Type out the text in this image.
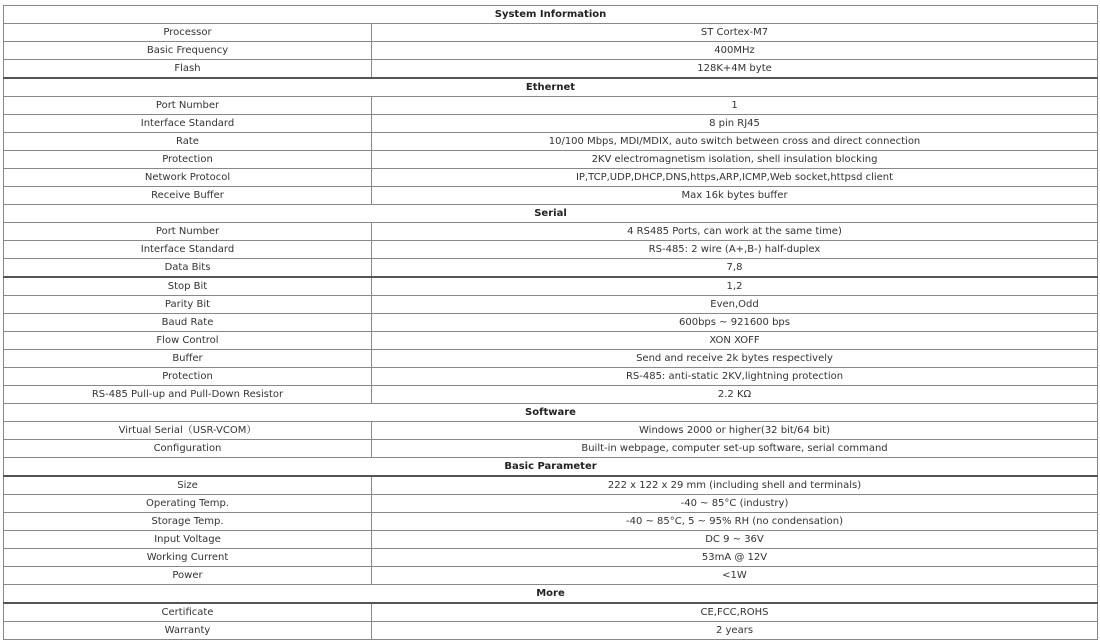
System Information	
Processor	ST Cortex-M7
Basic Frequency	400MHz
Flash	128K+4M byte
Ethernet	
Port Number	1
Interface Standard	8 pin RJ45
Rate	10/100 Mbps, MDI/MDIX, auto switch between cross and direct connection
Protection	2KV electromagnetism isolation, shell insulation blocking
Network Protocol	IP,TCP,UDP,DHCP,DNS,https,ARP,ICMP,Web socket,httpsd client
Receive Buffer	Max 16k bytes buffer
Serial	
Port Number	4 RS485 Ports, can work at the same time)
Interface Standard	RS-485: 2 wire (A+,B-) half-duplex
Data Bits	7,8
Stop Bit	1,2
Parity Bit	Even,Odd
Baud Rate	600bps ~ 921600 bps
Flow Control	XON XOFF
Buffer	Send and receive 2k bytes respectively
Protection	RS-485: anti-static 2KV,lightning protection
RS-485 Pull-up and Pull-Down Resistor	2.2 KΩ
Software	
Virtual Serial（USR-VCOM）	Windows 2000 or higher(32 bit/64 bit)
Configuration	Built-in webpage, computer set-up software, serial command
Basic Parameter	
Size	222 x 122 x 29 mm (including shell and terminals)
Operating Temp.	-40 ~ 85°C (industry)
Storage Temp.	-40 ~ 85°C, 5 ~ 95% RH (no condensation)
Input Voltage	DC 9 ~ 36V
Working Current	53mA @ 12V
Power	<1W
More	
Certificate	CE,FCC,ROHS
Warranty	2 years
